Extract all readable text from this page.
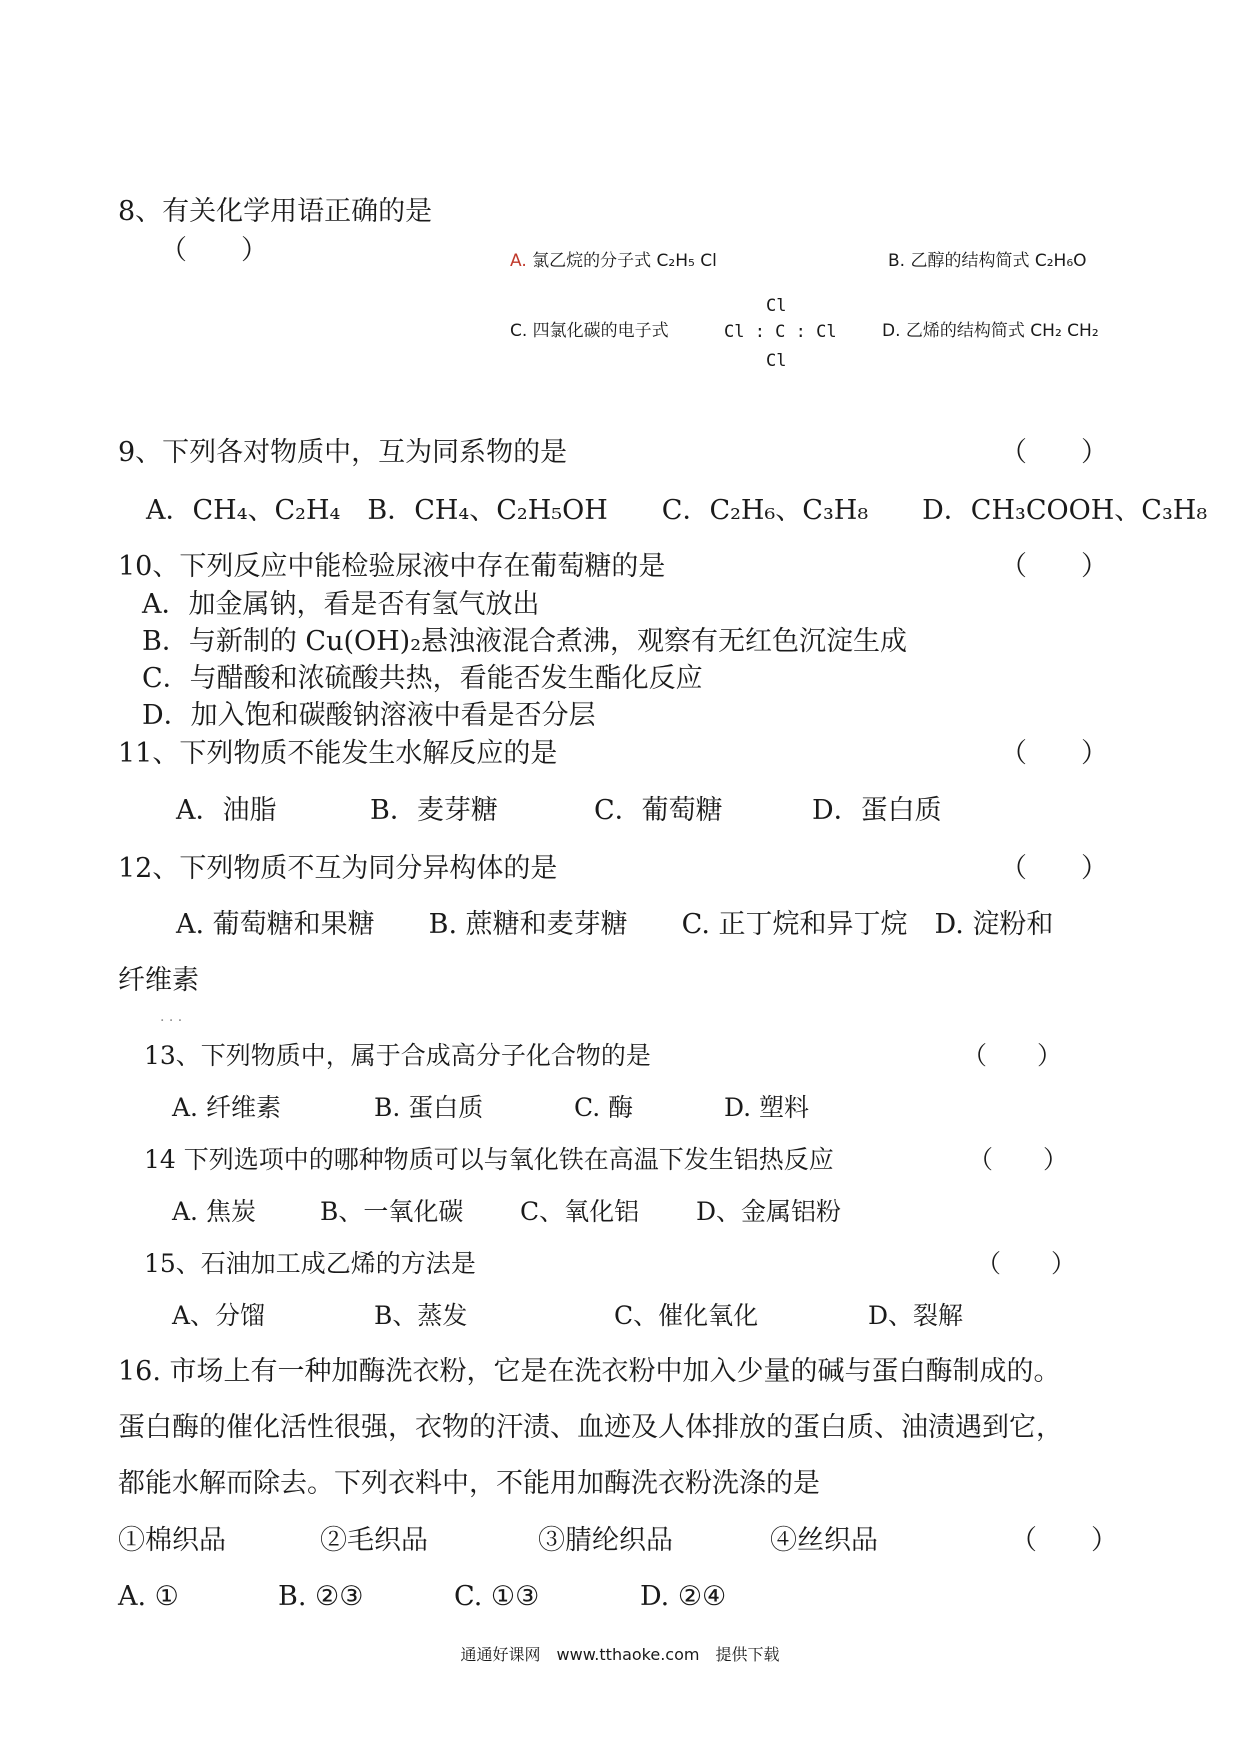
8、有关化学用语正确的是
（　　）	A. 氯乙烷的分子式 C₂H₅ Cl	B. 乙醇的结构简式 C₂H₆O
C. 四氯化碳的电子式
Cl
Cl : C : Cl
Cl
D. 乙烯的结构简式 CH₂ CH₂
9、下列各对物质中，互为同系物的是	（　　）
A．CH₄、C₂H₄　B．CH₄、C₂H₅OH　　C．C₂H₆、C₃H₈　　D．CH₃COOH、C₃H₈
10、下列反应中能检验尿液中存在葡萄糖的是	（　　）
A．加金属钠，看是否有氢气放出
B．与新制的 Cu(OH)₂悬浊液混合煮沸，观察有无红色沉淀生成
C．与醋酸和浓硫酸共热，看能否发生酯化反应
D．加入饱和碳酸钠溶液中看是否分层
11、下列物质不能发生水解反应的是	（　　）
A．油脂	B．麦芽糖	C．葡萄糖	D．蛋白质
12、下列物质不互为同分异构体的是	（　　）
A. 葡萄糖和果糖　　B. 蔗糖和麦芽糖　　C. 正丁烷和异丁烷　D. 淀粉和
纤维素
· · ·
13、下列物质中，属于合成高分子化合物的是	（　　）
A. 纤维素	B. 蛋白质	C. 酶	D. 塑料
14 下列选项中的哪种物质可以与氧化铁在高温下发生铝热反应	（　　）
A. 焦炭	B、一氧化碳 C、氧化铝 D、金属铝粉
15、石油加工成乙烯的方法是	（　　）
A、分馏	B、蒸发	C、催化氧化	D、裂解
16. 市场上有一种加酶洗衣粉，它是在洗衣粉中加入少量的碱与蛋白酶制成的。
蛋白酶的催化活性很强，衣物的汗渍、血迹及人体排放的蛋白质、油渍遇到它，
都能水解而除去。下列衣料中，不能用加酶洗衣粉洗涤的是
①棉织品	②毛织品	③腈纶织品	④丝织品	（　　）
A. ①	B. ②③	C. ①③	D. ②④
通通好课网　www.tthaoke.com　提供下载
